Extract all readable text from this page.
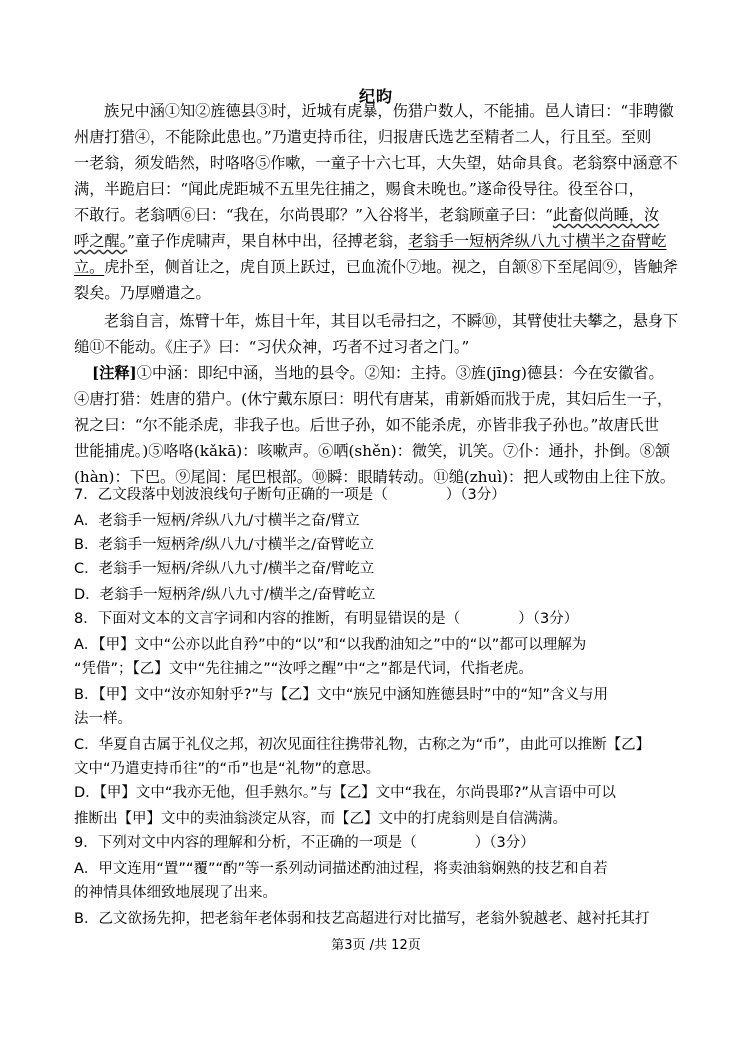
纪昀
族兄中涵①知②旌德县③时，近城有虎暴，伤猎户数人，不能捕。邑人请曰：“非聘徽
州唐打猎④，不能除此患也。”乃遣吏持币往，归报唐氏选艺至精者二人，行且至。至则
一老翁，须发皓然，时咯咯⑤作嗽，一童子十六七耳，大失望，姑命具食。老翁察中涵意不
满，半跪启曰：“闻此虎距城不五里先往捕之，赐食未晚也。”遂命役导往。役至谷口，
不敢行。老翁哂⑥曰：“我在，尔尚畏耶？”入谷将半，老翁顾童子曰：“此畜似尚睡，汝
呼之醒。”童子作虎啸声，果自林中出，径搏老翁，老翁手一短柄斧纵八九寸横半之奋臂屹
立。虎扑至，侧首让之，虎自顶上跃过，已血流仆⑦地。视之，自颔⑧下至尾闾⑨，皆触斧
裂矣。乃厚赠遣之。
老翁自言，炼臂十年，炼目十年，其目以毛帚扫之，不瞬⑩，其臂使壮夫攀之，悬身下
缒⑪不能动。《庄子》曰：“习伏众神，巧者不过习者之门。”
[注释]①中涵：即纪中涵，当地的县令。②知：主持。③旌(jīng)德县：今在安徽省。
④唐打猎：姓唐的猎户。(休宁戴东原曰：明代有唐某，甫新婚而戕于虎，其妇后生一子，
祝之曰：“尔不能杀虎，非我子也。后世子孙，如不能杀虎，亦皆非我子孙也。”故唐氏世
世能捕虎。)⑤咯咯(kǎkā)：咳嗽声。⑥哂(shěn)：微笑，讥笑。⑦仆：通扑，扑倒。⑧颔
(hàn)：下巴。⑨尾闾：尾巴根部。⑩瞬：眼睛转动。⑪缒(zhuì)：把人或物由上往下放。
7．乙文段落中划波浪线句子断句正确的一项是（　　　　）（3分）
A．老翁手一短柄/斧纵八九/寸横半之奋/臂立
B．老翁手一短柄斧/纵八九/寸横半之/奋臂屹立
C．老翁手一短柄/斧纵八九寸/横半之奋/臂屹立
D．老翁手一短柄斧/纵八九寸/横半之/奋臂屹立
8．下面对文本的文言字词和内容的推断，有明显错误的是（　　　　）（3分）
A．【甲】文中“公亦以此自矜”中的“以”和“以我酌油知之”中的“以”都可以理解为
“凭借”；【乙】文中“先往捕之”“汝呼之醒”中“之”都是代词，代指老虎。
B．【甲】文中“汝亦知射乎?”与【乙】文中“族兄中涵知旌德县时”中的“知”含义与用
法一样。
C．华夏自古属于礼仪之邦，初次见面往往携带礼物，古称之为“币”，由此可以推断【乙】
文中“乃遣吏持币往”的“币”也是“礼物”的意思。
D．【甲】文中“我亦无他，但手熟尔。”与【乙】文中“我在，尔尚畏耶?”从言语中可以
推断出【甲】文中的卖油翁淡定从容，而【乙】文中的打虎翁则是自信满满。
9．下列对文中内容的理解和分析，不正确的一项是（　　　　）（3分）
A．甲文连用“置”“覆”“酌”等一系列动词描述酌油过程，将卖油翁娴熟的技艺和自若
的神情具体细致地展现了出来。
B．乙文欲扬先抑，把老翁年老体弱和技艺高超进行对比描写，老翁外貌越老、越衬托其打
第3页 /共 12页
